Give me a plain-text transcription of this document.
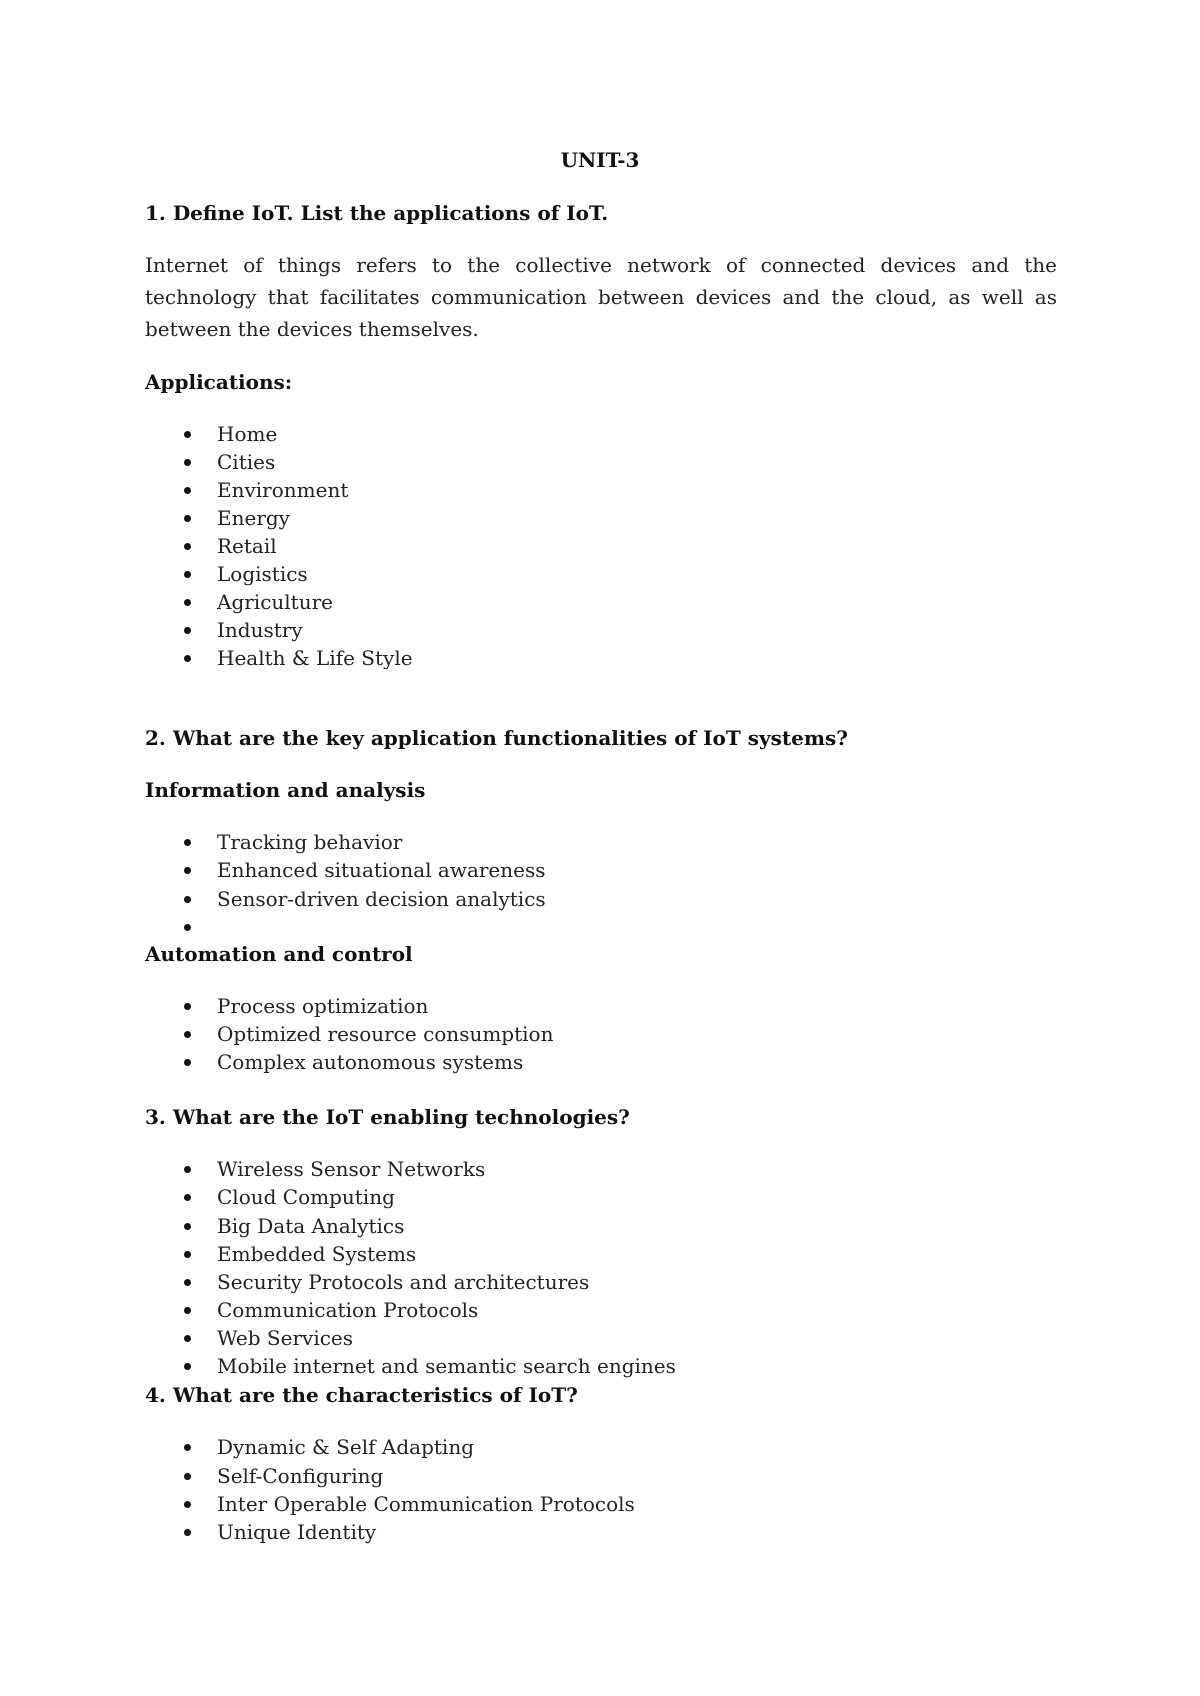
UNIT-3
1. Define IoT. List the applications of IoT.
Internet of things refers to the collective network of connected devices and the technology that facilitates communication between devices and the cloud, as well as between the devices themselves.
Applications:
Home
Cities
Environment
Energy
Retail
Logistics
Agriculture
Industry
Health & Life Style
2. What are the key application functionalities of IoT systems?
Information and analysis
Tracking behavior
Enhanced situational awareness
Sensor-driven decision analytics
Automation and control
Process optimization
Optimized resource consumption
Complex autonomous systems
3. What are the IoT enabling technologies?
Wireless Sensor Networks
Cloud Computing
Big Data Analytics
Embedded Systems
Security Protocols and architectures
Communication Protocols
Web Services
Mobile internet and semantic search engines
4. What are the characteristics of IoT?
Dynamic & Self Adapting
Self-Configuring
Inter Operable Communication Protocols
Unique Identity
